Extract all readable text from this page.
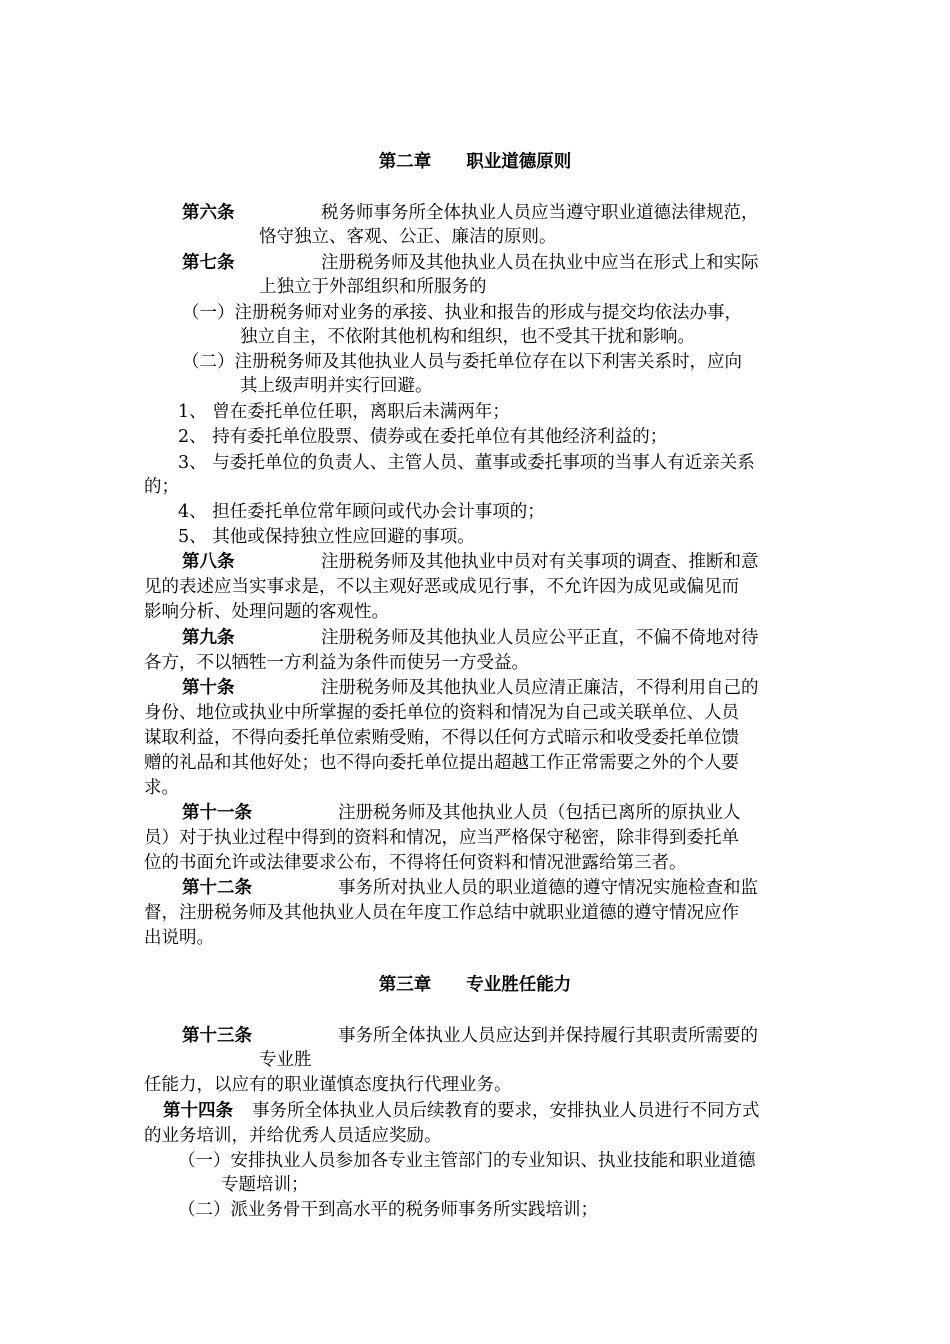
第二章　　 职业道德原则
第六条	税务师事务所全体执业人员应当遵守职业道德法律规范，
恪守独立、客观、公正、廉洁的原则。
第七条	注册税务师及其他执业人员在执业中应当在形式上和实际
上独立于外部组织和所服务的
（一）注册税务师对业务的承接、执业和报告的形成与提交均依法办事，
独立自主，不依附其他机构和组织，也不受其干扰和影响。
（二）注册税务师及其他执业人员与委托单位存在以下利害关系时，应向
其上级声明并实行回避。
1、 曾在委托单位任职，离职后未满两年；
2、 持有委托单位股票、债券或在委托单位有其他经济利益的；
3、 与委托单位的负责人、主管人员、董事或委托事项的当事人有近亲关系
的；
4、 担任委托单位常年顾问或代办会计事项的；
5、 其他或保持独立性应回避的事项。
第八条	注册税务师及其他执业中员对有关事项的调查、推断和意
见的表述应当实事求是，不以主观好恶或成见行事，不允许因为成见或偏见而
影响分析、处理问题的客观性。
第九条	注册税务师及其他执业人员应公平正直，不偏不倚地对待
各方，不以牺牲一方利益为条件而使另一方受益。
第十条	注册税务师及其他执业人员应清正廉洁，不得利用自己的
身份、地位或执业中所掌握的委托单位的资料和情况为自己或关联单位、人员
谋取利益，不得向委托单位索贿受贿，不得以任何方式暗示和收受委托单位馈
赠的礼品和其他好处；也不得向委托单位提出超越工作正常需要之外的个人要
求。
第十一条	注册税务师及其他执业人员（包括已离所的原执业人
员）对于执业过程中得到的资料和情况，应当严格保守秘密，除非得到委托单
位的书面允许或法律要求公布，不得将任何资料和情况泄露给第三者。
第十二条	事务所对执业人员的职业道德的遵守情况实施检查和监
督，注册税务师及其他执业人员在年度工作总结中就职业道德的遵守情况应作
出说明。
第三章　　 专业胜任能力
第十三条	事务所全体执业人员应达到并保持履行其职责所需要的
专业胜
任能力，以应有的职业谨慎态度执行代理业务。
第十四条 事务所全体执业人员后续教育的要求，安排执业人员进行不同方式
的业务培训，并给优秀人员适应奖励。
（一）安排执业人员参加各专业主管部门的专业知识、执业技能和职业道德
专题培训；
（二）派业务骨干到高水平的税务师事务所实践培训；
